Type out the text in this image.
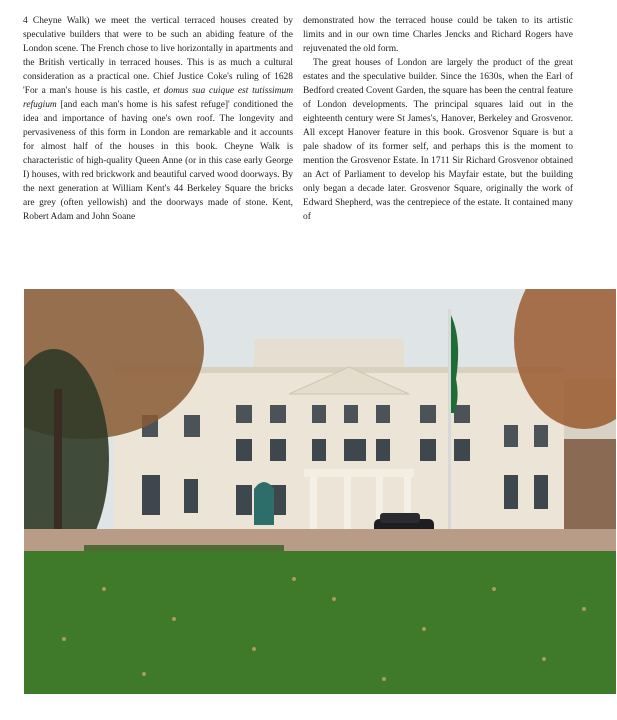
4 Cheyne Walk) we meet the vertical terraced houses created by speculative builders that were to be such an abiding feature of the London scene. The French chose to live horizontally in apartments and the British vertically in terraced houses. This is as much a cultural consideration as a practical one. Chief Justice Coke's ruling of 1628 'For a man's house is his castle, et domus sua cuique est tutissimum refugium [and each man's home is his safest refuge]' conditioned the idea and importance of having one's own roof. The longevity and pervasiveness of this form in London are remarkable and it accounts for almost half of the houses in this book. Cheyne Walk is characteristic of high-quality Queen Anne (or in this case early George I) houses, with red brickwork and beautiful carved wood doorways. By the next generation at William Kent's 44 Berkeley Square the bricks are grey (often yellowish) and the doorways made of stone. Kent, Robert Adam and John Soane

demonstrated how the terraced house could be taken to its artistic limits and in our own time Charles Jencks and Richard Rogers have rejuvenated the old form.

The great houses of London are largely the product of the great estates and the speculative builder. Since the 1630s, when the Earl of Bedford created Covent Garden, the square has been the central feature of London developments. The principal squares laid out in the eighteenth century were St James's, Hanover, Berkeley and Grosvenor. All except Hanover feature in this book. Grosvenor Square is but a pale shadow of its former self, and perhaps this is the moment to mention the Grosvenor Estate. In 1711 Sir Richard Grosvenor obtained an Act of Parliament to develop his Mayfair estate, but the building only began a decade later. Grosvenor Square, originally the work of Edward Shepherd, was the centrepiece of the estate. It contained many of
